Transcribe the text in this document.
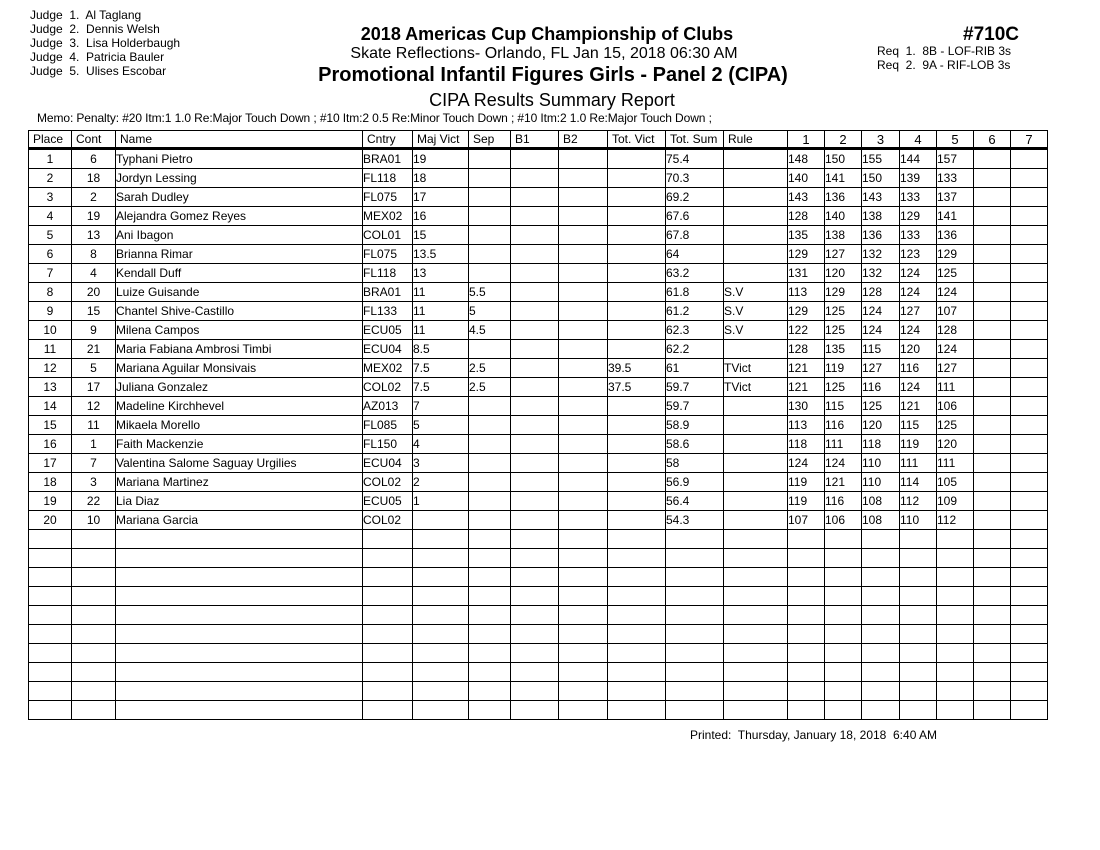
Judge  1.  Al Taglang
Judge  2.  Dennis Welsh
Judge  3.  Lisa Holderbaugh
Judge  4.  Patricia Bauler
Judge  5.  Ulises Escobar
2018 Americas Cup Championship of Clubs
Skate Reflections- Orlando, FL Jan 15, 2018 06:30 AM
Promotional Infantil Figures Girls - Panel 2 (CIPA)
CIPA Results Summary Report
#710C
Req  1.  8B - LOF-RIB 3s
Req  2.  9A - RIF-LOB 3s
Memo: Penalty: #20 Itm:1 1.0 Re:Major Touch Down ; #10 Itm:2 0.5 Re:Minor Touch Down ; #10 Itm:2 1.0 Re:Major Touch Down ;
Place	Cont	Name	Cntry	Maj Vict	Sep	B1	B2	Tot. Vict	Tot. Sum	Rule	1	2	3	4	5	6	7
1	6	Typhani Pietro	BRA01	19					75.4		148	150	155	144	157		
2	18	Jordyn Lessing	FL118	18					70.3		140	141	150	139	133		
3	2	Sarah Dudley	FL075	17					69.2		143	136	143	133	137		
4	19	Alejandra Gomez Reyes	MEX02	16					67.6		128	140	138	129	141		
5	13	Ani Ibagon	COL01	15					67.8		135	138	136	133	136		
6	8	Brianna Rimar	FL075	13.5					64		129	127	132	123	129		
7	4	Kendall Duff	FL118	13					63.2		131	120	132	124	125		
8	20	Luize Guisande	BRA01	11	5.5				61.8	S.V	113	129	128	124	124		
9	15	Chantel Shive-Castillo	FL133	11	5				61.2	S.V	129	125	124	127	107		
10	9	Milena Campos	ECU05	11	4.5				62.3	S.V	122	125	124	124	128		
11	21	Maria Fabiana Ambrosi Timbi	ECU04	8.5					62.2		128	135	115	120	124		
12	5	Mariana Aguilar Monsivais	MEX02	7.5	2.5			39.5	61	TVict	121	119	127	116	127		
13	17	Juliana Gonzalez	COL02	7.5	2.5			37.5	59.7	TVict	121	125	116	124	111		
14	12	Madeline Kirchhevel	AZ013	7					59.7		130	115	125	121	106		
15	11	Mikaela Morello	FL085	5					58.9		113	116	120	115	125		
16	1	Faith Mackenzie	FL150	4					58.6		118	111	118	119	120		
17	7	Valentina Salome Saguay Urgilies	ECU04	3					58		124	124	110	111	111		
18	3	Mariana Martinez	COL02	2					56.9		119	121	110	114	105		
19	22	Lia Diaz	ECU05	1					56.4		119	116	108	112	109		
20	10	Mariana Garcia	COL02						54.3		107	106	108	110	112		

Printed:  Thursday, January 18, 2018  6:40 AM
